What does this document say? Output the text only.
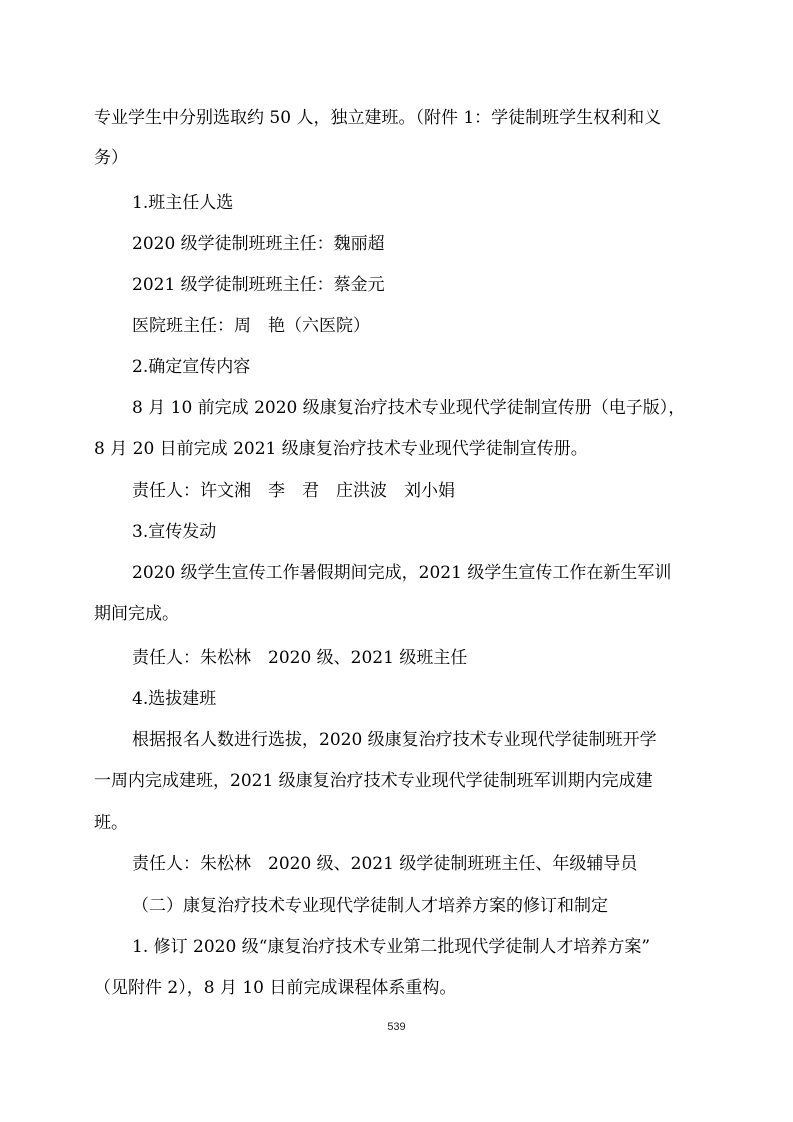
专业学生中分别选取约 50 人，独立建班。（附件 1：学徒制班学生权利和义
务）
1.班主任人选
2020 级学徒制班班主任：魏丽超
2021 级学徒制班班主任：蔡金元
医院班主任：周　艳（六医院）
2.确定宣传内容
8 月 10 前完成 2020 级康复治疗技术专业现代学徒制宣传册（电子版），
8 月 20 日前完成 2021 级康复治疗技术专业现代学徒制宣传册。
责任人：许文湘　李　君　庄洪波　刘小娟
3.宣传发动
2020 级学生宣传工作暑假期间完成，2021 级学生宣传工作在新生军训
期间完成。
责任人：朱松林　2020 级、2021 级班主任
4.选拔建班
根据报名人数进行选拔，2020 级康复治疗技术专业现代学徒制班开学
一周内完成建班，2021 级康复治疗技术专业现代学徒制班军训期内完成建
班。
责任人：朱松林　2020 级、2021 级学徒制班班主任、年级辅导员
（二）康复治疗技术专业现代学徒制人才培养方案的修订和制定
1. 修订 2020 级“康复治疗技术专业第二批现代学徒制人才培养方案”
（见附件 2），8 月 10 日前完成课程体系重构。
539
